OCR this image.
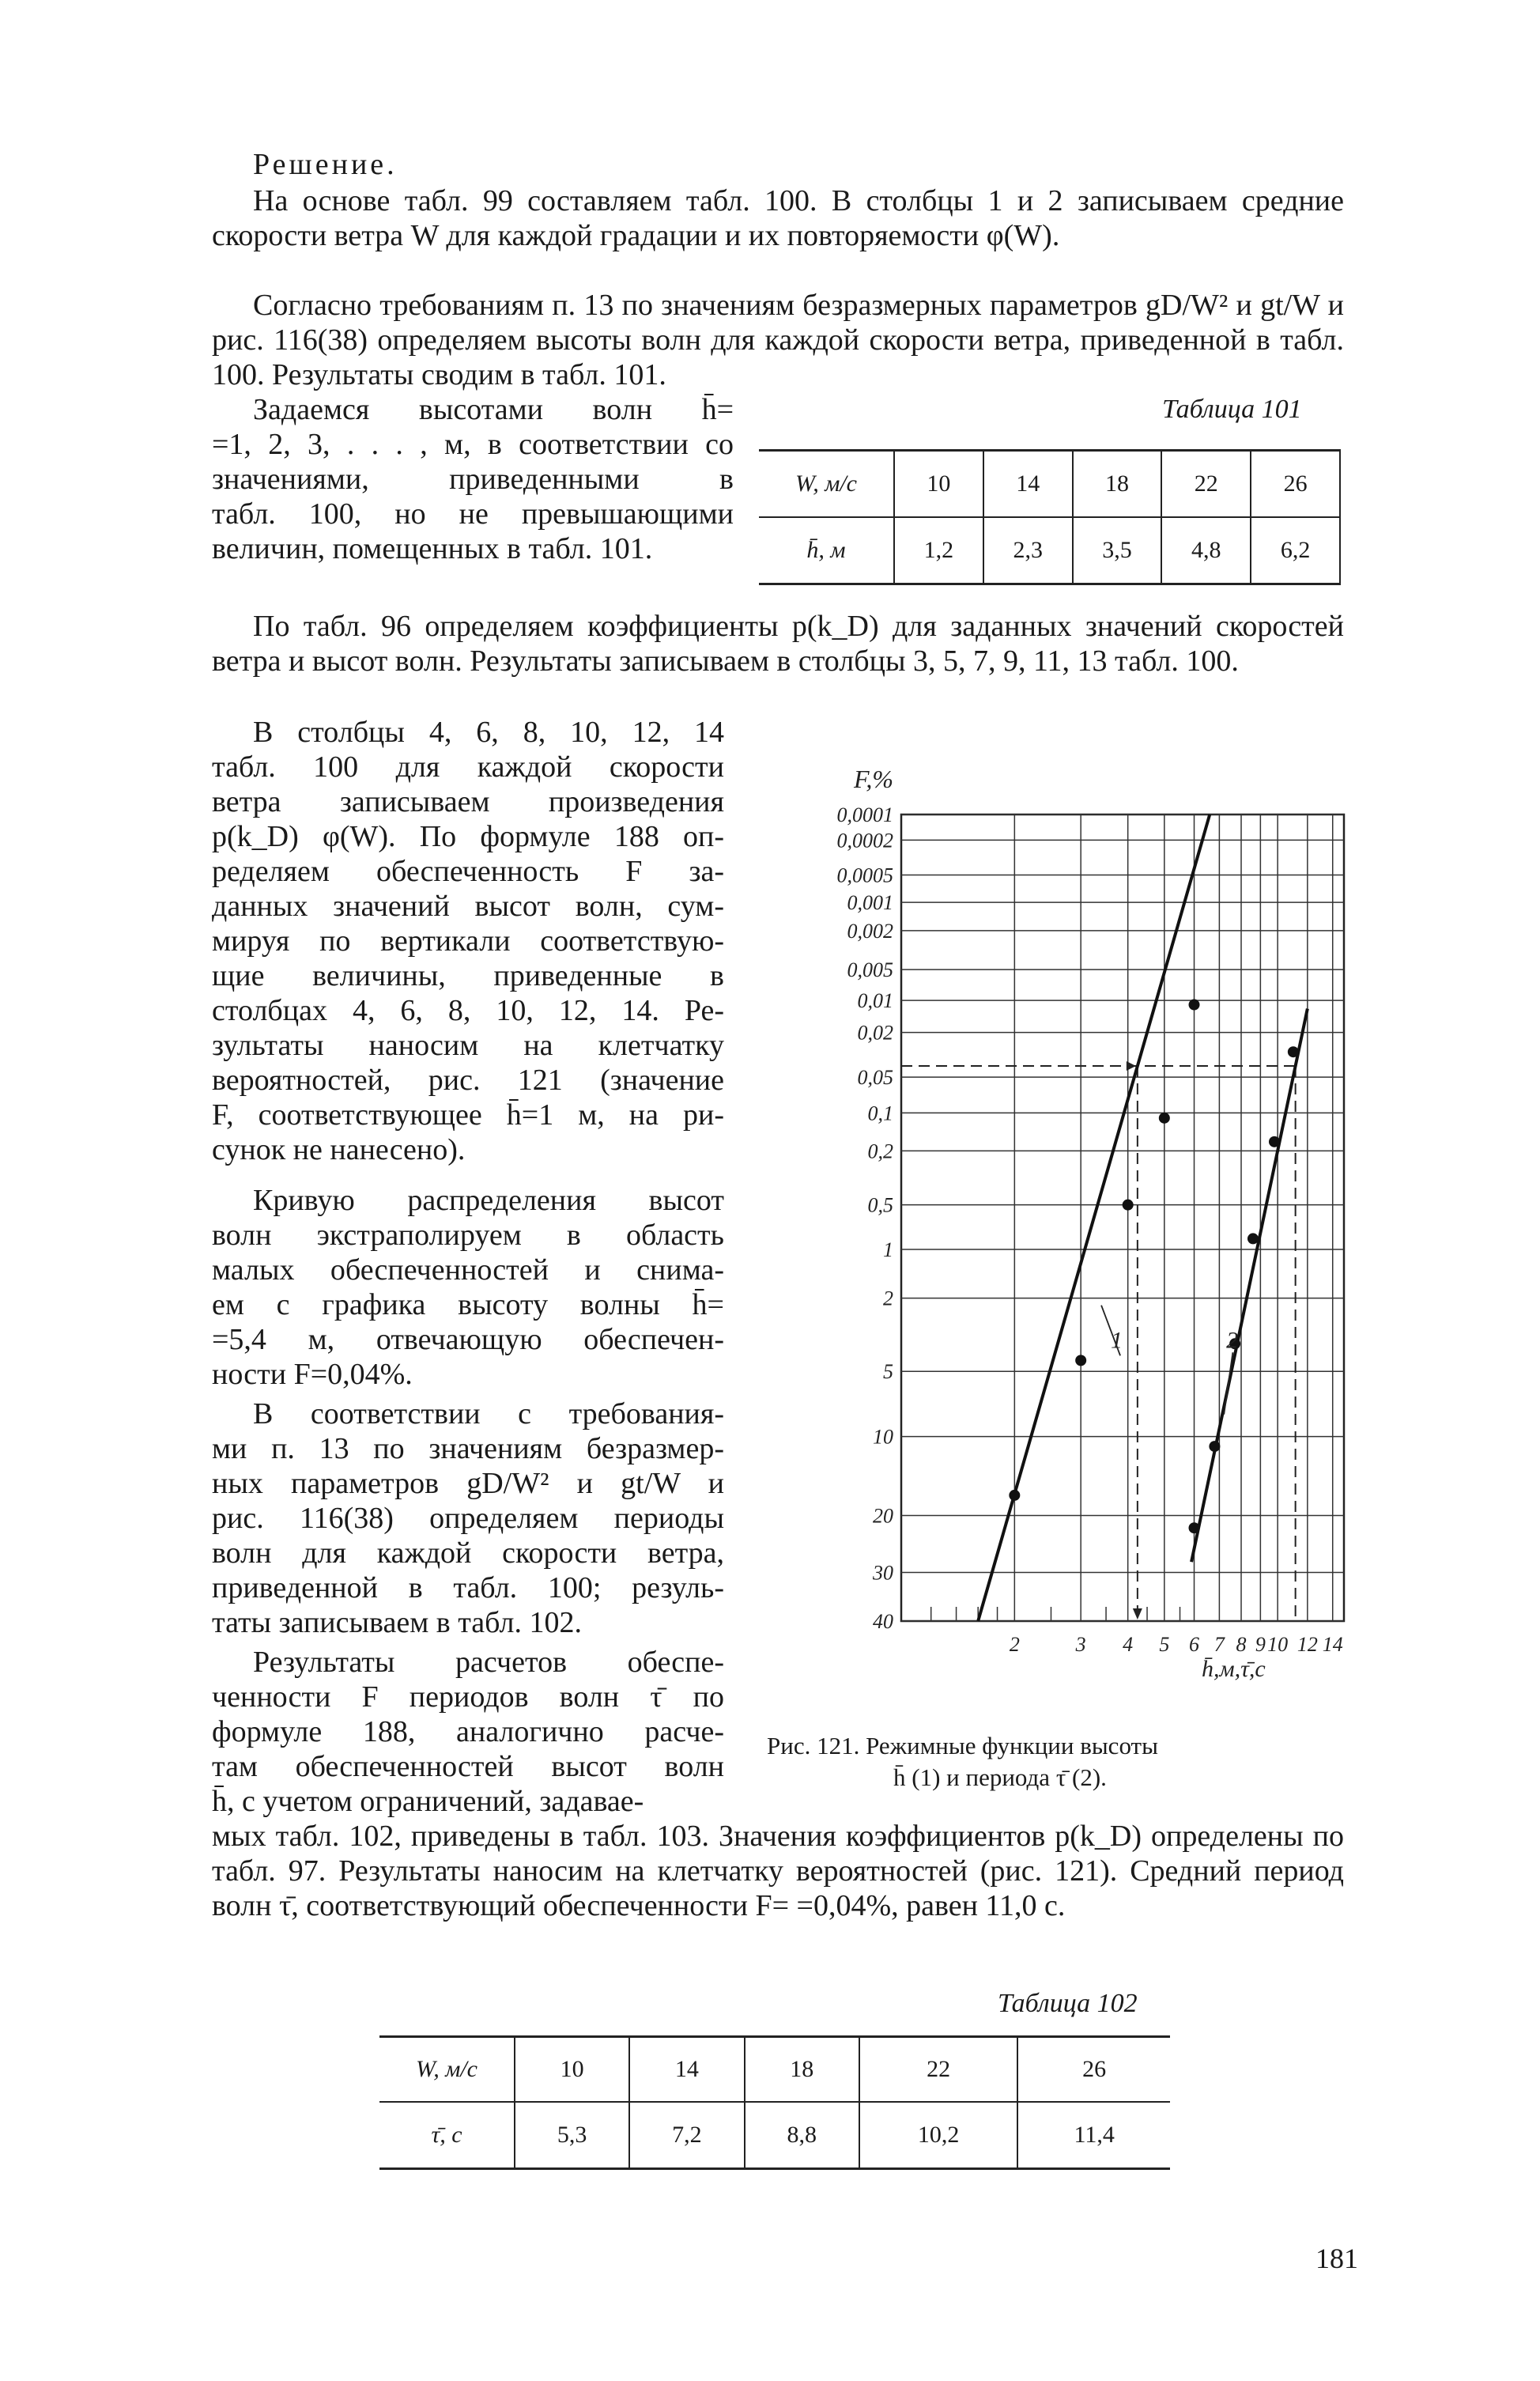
Решение.
На основе табл. 99 составляем табл. 100. В столбцы 1 и 2 записываем средние скорости ветра W для каждой градации и их повторяемости φ(W).
Согласно требованиям п. 13 по значениям безразмерных параметров gD/W² и gt/W и рис. 116(38) определяем высоты волн для каждой скорости ветра, приведенной в табл. 100. Результаты сводим в табл. 101.
Задаемся высотами волн h̄=
=1, 2, 3, . . . , м, в соответствии со
значениями, приведенными в
табл. 100, но не превышающими
величин, помещенных в табл. 101.
Таблица 101
W, м/с	10	14	18	22	26
h̄, м	1,2	2,3	3,5	4,8	6,2
По табл. 96 определяем коэффициенты p(k_D) для заданных значений скоростей ветра и высот волн. Результаты записываем в столбцы 3, 5, 7, 9, 11, 13 табл. 100.
В столбцы 4, 6, 8, 10, 12, 14
табл. 100 для каждой скорости
ветра записываем произведения
p(k_D) φ(W). По формуле 188 оп-
ределяем обеспеченность F за-
данных значений высот волн, сум-
мируя по вертикали соответствую-
щие величины, приведенные в
столбцах 4, 6, 8, 10, 12, 14. Ре-
зультаты наносим на клетчатку
вероятностей, рис. 121 (значение
F, соответствующее h̄=1 м, на ри-
сунок не нанесено).
Кривую распределения высот
волн экстраполируем в область
малых обеспеченностей и снима-
ем с графика высоту волны h̄=
=5,4 м, отвечающую обеспечен-
ности F=0,04%.
В соответствии с требования-
ми п. 13 по значениям безразмер-
ных параметров gD/W² и gt/W и
рис. 116(38) определяем периоды
волн для каждой скорости ветра,
приведенной в табл. 100; резуль-
таты записываем в табл. 102.
Результаты расчетов обеспе-
ченности F периодов волн τ̄ по
формуле 188, аналогично расче-
там обеспеченностей высот волн
h̄, с учетом ограничений, задавае-
0,0001
0,0002
0,0005
0,001
0,002
0,005
0,01
0,02
0,05
0,1
0,2
0,5
1
2
5
10
20
30
40
2	3 4 5 6 7 8 9 10 12 14
1	2
F,%
h̄,м,τ̄,с
Рис. 121. Режимные функции высоты
h̄ (1) и периода τ̄ (2).
мых табл. 102, приведены в табл. 103. Значения коэффициентов p(k_D) определены по табл. 97. Результаты наносим на клетчатку вероятностей (рис. 121). Средний период волн τ̄, соответствующий обеспеченности F= =0,04%, равен 11,0 с.
Таблица 102
W, м/с	10	14	18	22	26
τ̄, с	5,3	7,2	8,8	10,2	11,4
181
